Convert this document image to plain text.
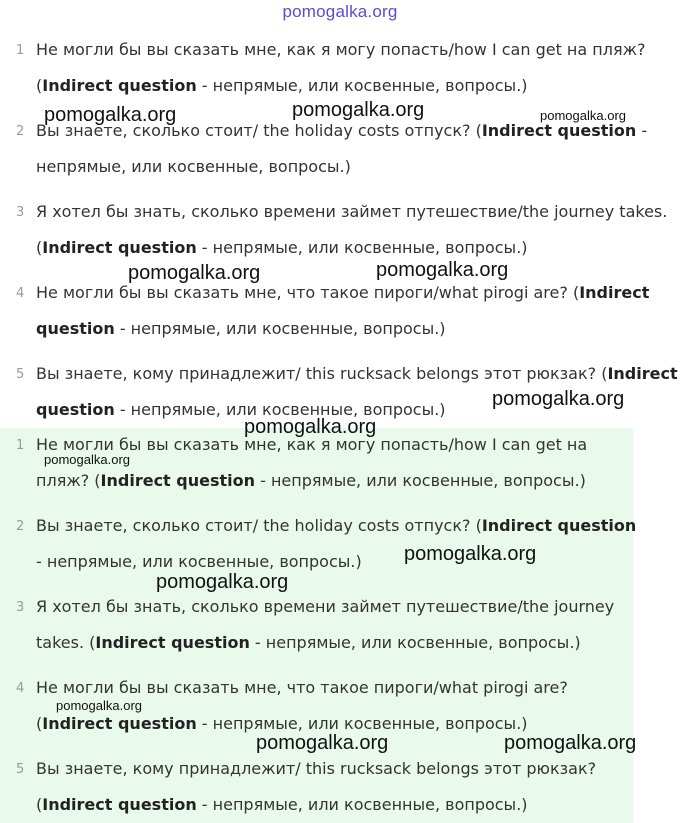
pomogalka.org
1 Не могли бы вы сказать мне, как я могу попасть/how I can get на пляж?
(Indirect question - непрямые, или косвенные, вопросы.)
2 Вы знаете, сколько стоит/ the holiday costs отпуск? (Indirect question -
непрямые, или косвенные, вопросы.)
3 Я хотел бы знать, сколько времени займет путешествие/the journey takes.
(Indirect question - непрямые, или косвенные, вопросы.)
4 Не могли бы вы сказать мне, что такое пироги/what pirogi are? (Indirect
question - непрямые, или косвенные, вопросы.)
5 Вы знаете, кому принадлежит/ this rucksack belongs этот рюкзак? (Indirect
question - непрямые, или косвенные, вопросы.)
1 Не могли бы вы сказать мне, как я могу попасть/how I can get на
пляж? (Indirect question - непрямые, или косвенные, вопросы.)
2 Вы знаете, сколько стоит/ the holiday costs отпуск? (Indirect question
- непрямые, или косвенные, вопросы.)
3 Я хотел бы знать, сколько времени займет путешествие/the journey
takes. (Indirect question - непрямые, или косвенные, вопросы.)
4 Не могли бы вы сказать мне, что такое пироги/what pirogi are?
(Indirect question - непрямые, или косвенные, вопросы.)
5 Вы знаете, кому принадлежит/ this rucksack belongs этот рюкзак?
(Indirect question - непрямые, или косвенные, вопросы.)
pomogalka.org	pomogalka.org	pomogalka.org
pomogalka.org	pomogalka.org
pomogalka.org
pomogalka.org
pomogalka.org
pomogalka.org
pomogalka.org
pomogalka.org
pomogalka.org	pomogalka.org
